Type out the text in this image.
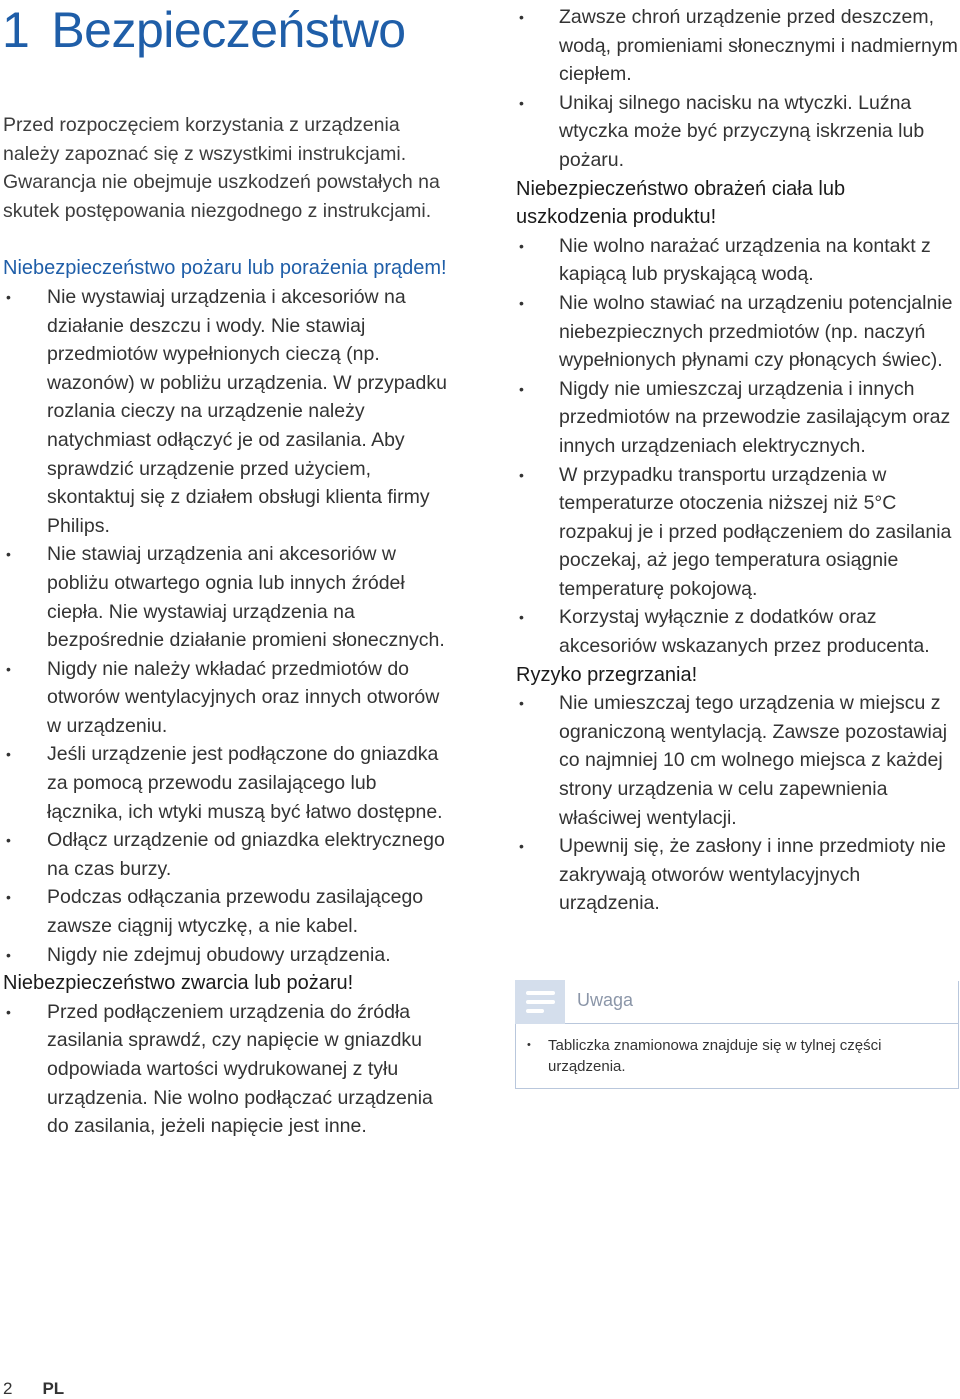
1 Bezpieczeństwo

Przed rozpoczęciem korzystania z urządzenia należy zapoznać się z wszystkimi instrukcjami. Gwarancja nie obejmuje uszkodzeń powstałych na skutek postępowania niezgodnego z instrukcjami.

Niebezpieczeństwo pożaru lub porażenia prądem!

• Nie wystawiaj urządzenia i akcesoriów na działanie deszczu i wody. Nie stawiaj przedmiotów wypełnionych cieczą (np. wazonów) w pobliżu urządzenia. W przypadku rozlania cieczy na urządzenie należy natychmiast odłączyć je od zasilania. Aby sprawdzić urządzenie przed użyciem, skontaktuj się z działem obsługi klienta firmy Philips.
• Nie stawiaj urządzenia ani akcesoriów w pobliżu otwartego ognia lub innych źródeł ciepła. Nie wystawiaj urządzenia na bezpośrednie działanie promieni słonecznych.
• Nigdy nie należy wkładać przedmiotów do otworów wentylacyjnych oraz innych otworów w urządzeniu.
• Jeśli urządzenie jest podłączone do gniazdka za pomocą przewodu zasilającego lub łącznika, ich wtyki muszą być łatwo dostępne.
• Odłącz urządzenie od gniazdka elektrycznego na czas burzy.
• Podczas odłączania przewodu zasilającego zawsze ciągnij wtyczkę, a nie kabel.
• Nigdy nie zdejmuj obudowy urządzenia.

Niebezpieczeństwo zwarcia lub pożaru!

• Przed podłączeniem urządzenia do źródła zasilania sprawdź, czy napięcie w gniazdku odpowiada wartości wydrukowanej z tyłu urządzenia. Nie wolno podłączać urządzenia do zasilania, jeżeli napięcie jest inne.
• Zawsze chroń urządzenie przed deszczem, wodą, promieniami słonecznymi i nadmiernym ciepłem.
• Unikaj silnego nacisku na wtyczki. Luźna wtyczka może być przyczyną iskrzenia lub pożaru.

Niebezpieczeństwo obrażeń ciała lub uszkodzenia produktu!

• Nie wolno narażać urządzenia na kontakt z kapiącą lub pryskającą wodą.
• Nie wolno stawiać na urządzeniu potencjalnie niebezpiecznych przedmiotów (np. naczyń wypełnionych płynami czy płonących świec).
• Nigdy nie umieszczaj urządzenia i innych przedmiotów na przewodzie zasilającym oraz innych urządzeniach elektrycznych.
• W przypadku transportu urządzenia w temperaturze otoczenia niższej niż 5°C rozpakuj je i przed podłączeniem do zasilania poczekaj, aż jego temperatura osiągnie temperaturę pokojową.
• Korzystaj wyłącznie z dodatków oraz akcesoriów wskazanych przez producenta.

Ryzyko przegrzania!

• Nie umieszczaj tego urządzenia w miejscu z ograniczoną wentylacją. Zawsze pozostawiaj co najmniej 10 cm wolnego miejsca z każdej strony urządzenia w celu zapewnienia właściwej wentylacji.
• Upewnij się, że zasłony i inne przedmioty nie zakrywają otworów wentylacyjnych urządzenia.
Uwaga
• Tabliczka znamionowa znajduje się w tylnej części urządzenia.
2 PL
